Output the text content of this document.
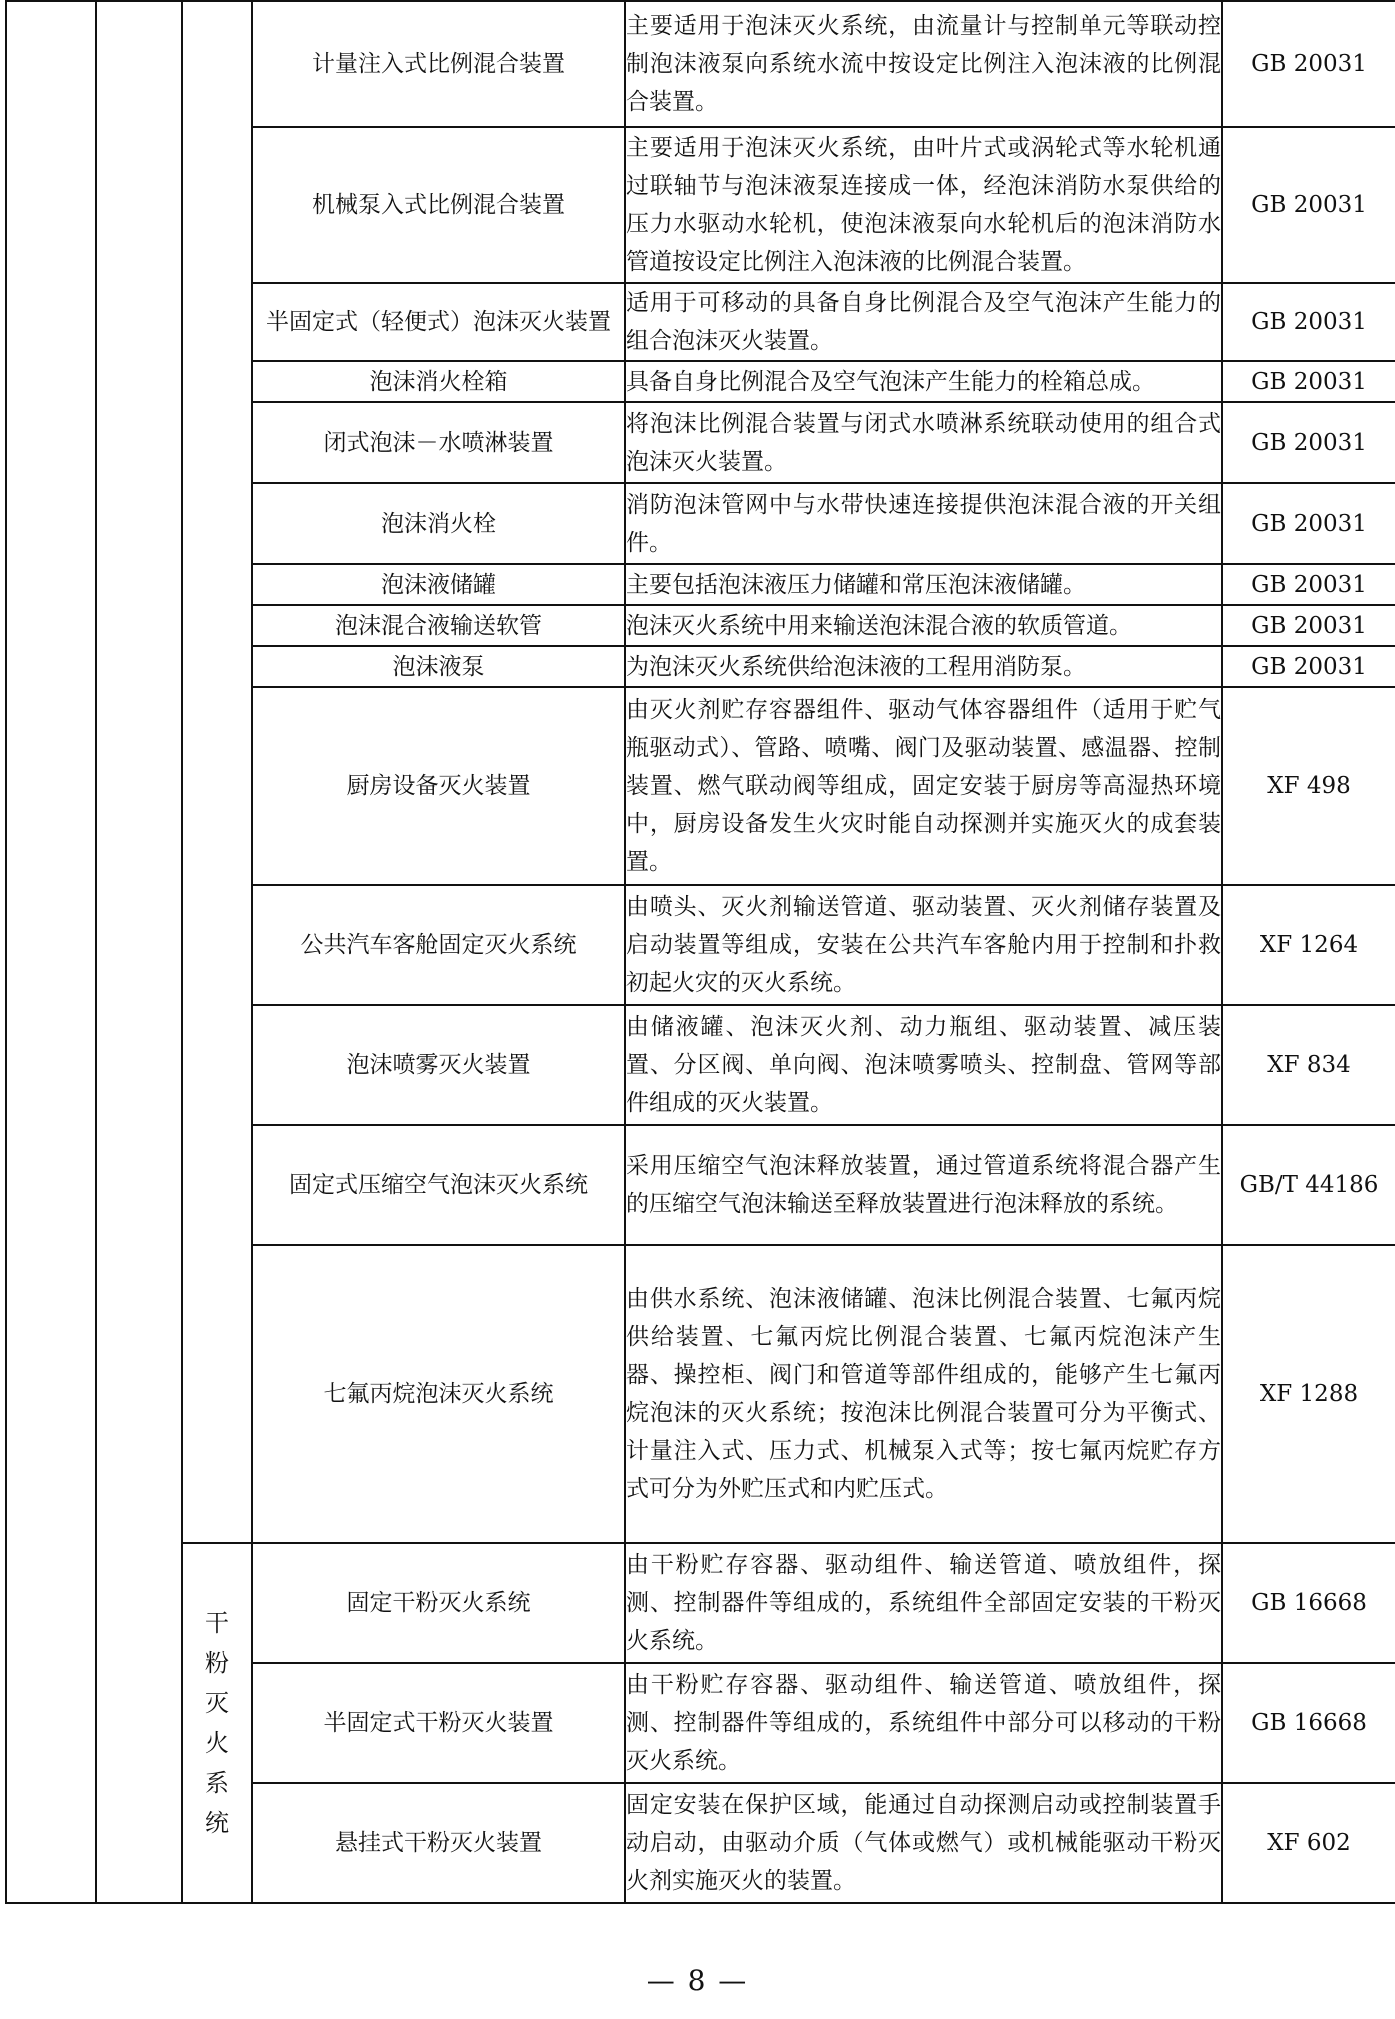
			计量注入式比例混合装置	主要适用于泡沫灭火系统，由流量计与控制单元等联动控制泡沫液泵向系统水流中按设定比例注入泡沫液的比例混合装置。	GB 20031
			机械泵入式比例混合装置	主要适用于泡沫灭火系统，由叶片式或涡轮式等水轮机通过联轴节与泡沫液泵连接成一体，经泡沫消防水泵供给的压力水驱动水轮机，使泡沫液泵向水轮机后的泡沫消防水管道按设定比例注入泡沫液的比例混合装置。	GB 20031
			半固定式（轻便式）泡沫灭火装置	适用于可移动的具备自身比例混合及空气泡沫产生能力的组合泡沫灭火装置。	GB 20031
			泡沫消火栓箱	具备自身比例混合及空气泡沫产生能力的栓箱总成。	GB 20031
			闭式泡沫－水喷淋装置	将泡沫比例混合装置与闭式水喷淋系统联动使用的组合式泡沫灭火装置。	GB 20031
			泡沫消火栓	消防泡沫管网中与水带快速连接提供泡沫混合液的开关组件。	GB 20031
			泡沫液储罐	主要包括泡沫液压力储罐和常压泡沫液储罐。	GB 20031
			泡沫混合液输送软管	泡沫灭火系统中用来输送泡沫混合液的软质管道。	GB 20031
			泡沫液泵	为泡沫灭火系统供给泡沫液的工程用消防泵。	GB 20031
			厨房设备灭火装置	由灭火剂贮存容器组件、驱动气体容器组件（适用于贮气瓶驱动式）、管路、喷嘴、阀门及驱动装置、感温器、控制装置、燃气联动阀等组成，固定安装于厨房等高湿热环境中，厨房设备发生火灾时能自动探测并实施灭火的成套装置。	XF 498
			公共汽车客舱固定灭火系统	由喷头、灭火剂输送管道、驱动装置、灭火剂储存装置及启动装置等组成，安装在公共汽车客舱内用于控制和扑救初起火灾的灭火系统。	XF 1264
			泡沫喷雾灭火装置	由储液罐、泡沫灭火剂、动力瓶组、驱动装置、减压装置、分区阀、单向阀、泡沫喷雾喷头、控制盘、管网等部件组成的灭火装置。	XF 834
			固定式压缩空气泡沫灭火系统	采用压缩空气泡沫释放装置，通过管道系统将混合器产生的压缩空气泡沫输送至释放装置进行泡沫释放的系统。	GB/T 44186
			七氟丙烷泡沫灭火系统	由供水系统、泡沫液储罐、泡沫比例混合装置、七氟丙烷供给装置、七氟丙烷比例混合装置、七氟丙烷泡沫产生器、操控柜、阀门和管道等部件组成的，能够产生七氟丙烷泡沫的灭火系统；按泡沫比例混合装置可分为平衡式、计量注入式、压力式、机械泵入式等；按七氟丙烷贮存方式可分为外贮压式和内贮压式。	XF 1288
		干粉灭火系统	固定干粉灭火系统	由干粉贮存容器、驱动组件、输送管道、喷放组件，探测、控制器件等组成的，系统组件全部固定安装的干粉灭火系统。	GB 16668
			半固定式干粉灭火装置	由干粉贮存容器、驱动组件、输送管道、喷放组件，探测、控制器件等组成的，系统组件中部分可以移动的干粉灭火系统。	GB 16668
			悬挂式干粉灭火装置	固定安装在保护区域，能通过自动探测启动或控制装置手动启动，由驱动介质（气体或燃气）或机械能驱动干粉灭火剂实施灭火的装置。	XF 602
— 8 —
